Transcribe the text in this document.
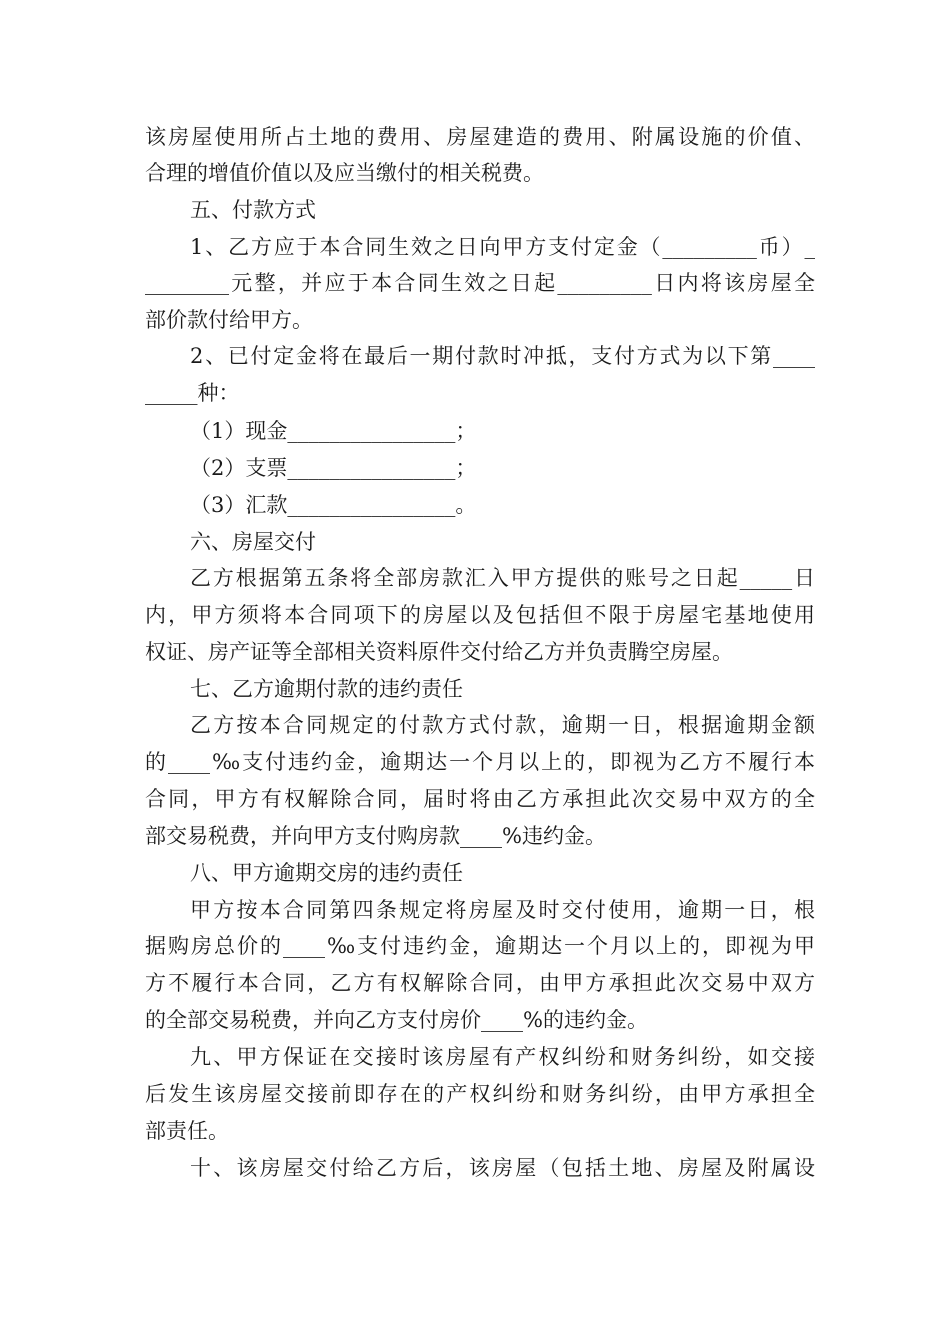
该房屋使用所占土地的费用、房屋建造的费用、附属设施的价值、
合理的增值价值以及应当缴付的相关税费。
五、付款方式
1、乙方应于本合同生效之日向甲方支付定金（_________币）_
________元整，并应于本合同生效之日起_________日内将该房屋全
部价款付给甲方。
2、已付定金将在最后一期付款时冲抵，支付方式为以下第____
_____种：
（1）现金________________；
（2）支票________________；
（3）汇款________________。
六、房屋交付
乙方根据第五条将全部房款汇入甲方提供的账号之日起_____日
内，甲方须将本合同项下的房屋以及包括但不限于房屋宅基地使用
权证、房产证等全部相关资料原件交付给乙方并负责腾空房屋。
七、乙方逾期付款的违约责任
乙方按本合同规定的付款方式付款，逾期一日，根据逾期金额
的____‰支付违约金，逾期达一个月以上的，即视为乙方不履行本
合同，甲方有权解除合同，届时将由乙方承担此次交易中双方的全
部交易税费，并向甲方支付购房款____%违约金。
八、甲方逾期交房的违约责任
甲方按本合同第四条规定将房屋及时交付使用，逾期一日，根
据购房总价的____‰支付违约金，逾期达一个月以上的，即视为甲
方不履行本合同，乙方有权解除合同，由甲方承担此次交易中双方
的全部交易税费，并向乙方支付房价____%的违约金。
九、甲方保证在交接时该房屋有产权纠纷和财务纠纷，如交接
后发生该房屋交接前即存在的产权纠纷和财务纠纷，由甲方承担全
部责任。
十、该房屋交付给乙方后，该房屋（包括土地、房屋及附属设
